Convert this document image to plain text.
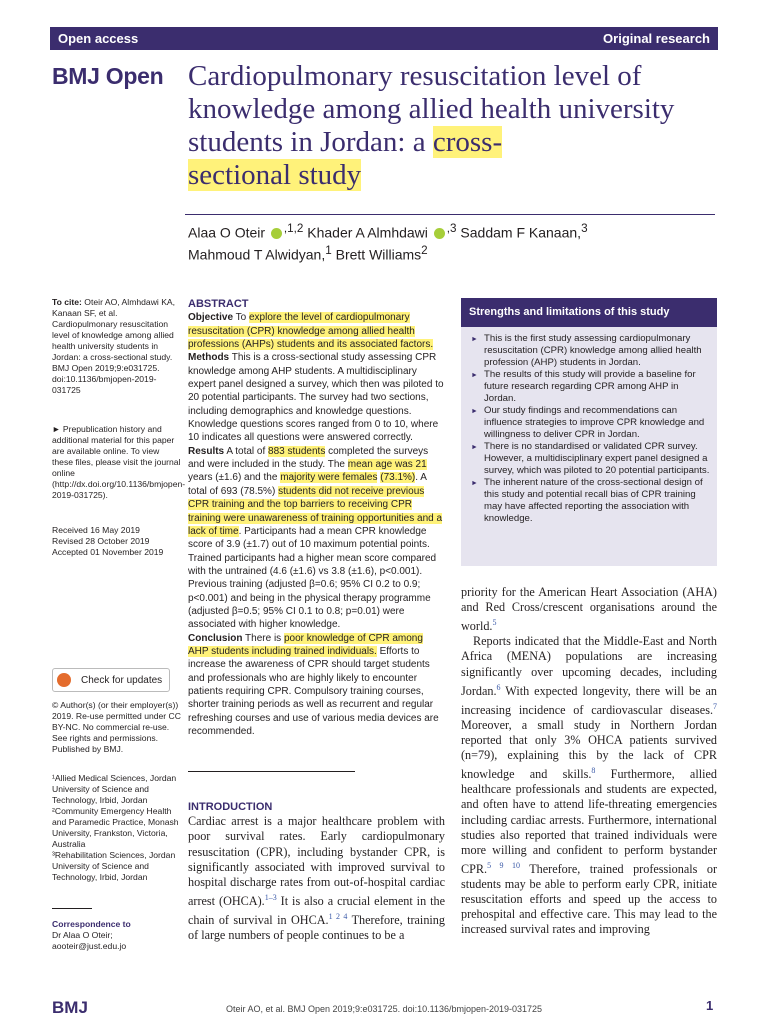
Open access	Original research
BMJ Open Cardiopulmonary resuscitation level of knowledge among allied health university students in Jordan: a cross-
sectional study
Alaa O Oteir $^{,1,2}$ Khader A Almhdawi $^{,3}$ Saddam F Kanaan,$^3$
Mahmoud T Alwidyan,$^1$ Brett Williams$^2$
To cite: Oteir AO, Almhdawi KA, Kanaan SF, et al. Cardiopulmonary resuscitation level of knowledge among allied health university students in Jordan: a cross-sectional study. BMJ Open 2019;9:e031725. doi:10.1136/bmjopen-2019-031725
► Prepublication history and additional material for this paper are available online. To view these files, please visit the journal online (http://dx.doi.org/10.1136/bmjopen-2019-031725).
Received 16 May 2019
Revised 28 October 2019
Accepted 01 November 2019
Check for updates
© Author(s) (or their employer(s)) 2019. Re-use permitted under CC BY-NC. No commercial re-use. See rights and permissions. Published by BMJ.
¹Allied Medical Sciences, Jordan University of Science and Technology, Irbid, Jordan
²Community Emergency Health and Paramedic Practice, Monash University, Frankston, Victoria, Australia
³Rehabilitation Sciences, Jordan University of Science and Technology, Irbid, Jordan
Correspondence to
Dr Alaa O Oteir;
aooteir@just.edu.jo
ABSTRACT
Objective To explore the level of cardiopulmonary resuscitation (CPR) knowledge among allied health professions (AHPs) students and its associated factors.
Methods This is a cross-sectional study assessing CPR knowledge among AHP students. A multidisciplinary expert panel designed a survey, which then was piloted to 20 potential participants. The survey had two sections, including demographics and knowledge questions. Knowledge questions scores ranged from 0 to 10, where 10 indicates all questions were answered correctly.
Results A total of 883 students completed the surveys and were included in the study. The mean age was 21 years (±1.6) and the majority were females (73.1%). A total of 693 (78.5%) students did not receive previous CPR training and the top barriers to receiving CPR training were unawareness of training opportunities and a lack of time. Participants had a mean CPR knowledge score of 3.9 (±1.7) out of 10 maximum potential points. Trained participants had a higher mean score compared with the untrained (4.6 (±1.6) vs 3.8 (±1.6), p<0.001). Previous training (adjusted β=0.6; 95% CI 0.2 to 0.9; p<0.001) and being in the physical therapy programme (adjusted β=0.5; 95% CI 0.1 to 0.8; p=0.01) were associated with higher knowledge.
Conclusion There is poor knowledge of CPR among AHP students including trained individuals. Efforts to increase the awareness of CPR should target students and professionals who are highly likely to encounter patients requiring CPR. Compulsory training courses, shorter training periods as well as recurrent and regular refreshing courses and use of various media devices are recommended.
INTRODUCTION
Cardiac arrest is a major healthcare problem with poor survival rates. Early cardiopulmonary resuscitation (CPR), including bystander CPR, is significantly associated with improved survival to hospital discharge rates from out-of-hospital cardiac arrest (OHCA).$^{1-3}$ It is also a crucial element in the chain of survival in OHCA.$^{1 2 4}$ Therefore, training of large numbers of people continues to be a
Strengths and limitations of this study
► This is the first study assessing cardiopulmonary resuscitation (CPR) knowledge among allied health profession (AHP) students in Jordan.
► The results of this study will provide a baseline for future research regarding CPR among AHP in Jordan.
► Our study findings and recommendations can influence strategies to improve CPR knowledge and willingness to deliver CPR in Jordan.
► There is no standardised or validated CPR survey. However, a multidisciplinary expert panel designed a survey, which was piloted to 20 potential participants.
► The inherent nature of the cross-sectional design of this study and potential recall bias of CPR training may have affected reporting the association with knowledge.
priority for the American Heart Association (AHA) and Red Cross/crescent organisations around the world.$^5$
Reports indicated that the Middle-East and North Africa (MENA) populations are increasing significantly over upcoming decades, including Jordan.$^6$ With expected longevity, there will be an increasing incidence of cardiovascular diseases.$^7$ Moreover, a small study in Northern Jordan reported that only 3% OHCA patients survived (n=79), explaining this by the lack of CPR knowledge and skills.$^8$ Furthermore, allied healthcare professionals and students are expected, and often have to attend life-threating emergencies including cardiac arrests. Furthermore, international studies also reported that trained individuals were more willing and confident to perform bystander CPR.$^{5 9 10}$ Therefore, trained professionals or students may be able to perform early CPR, initiate resuscitation efforts and speed up the access to prehospital and effective care. This may lead to the increased survival rates and improving
BMJ	Oteir AO, et al. BMJ Open 2019;9:e031725. doi:10.1136/bmjopen-2019-031725	1
